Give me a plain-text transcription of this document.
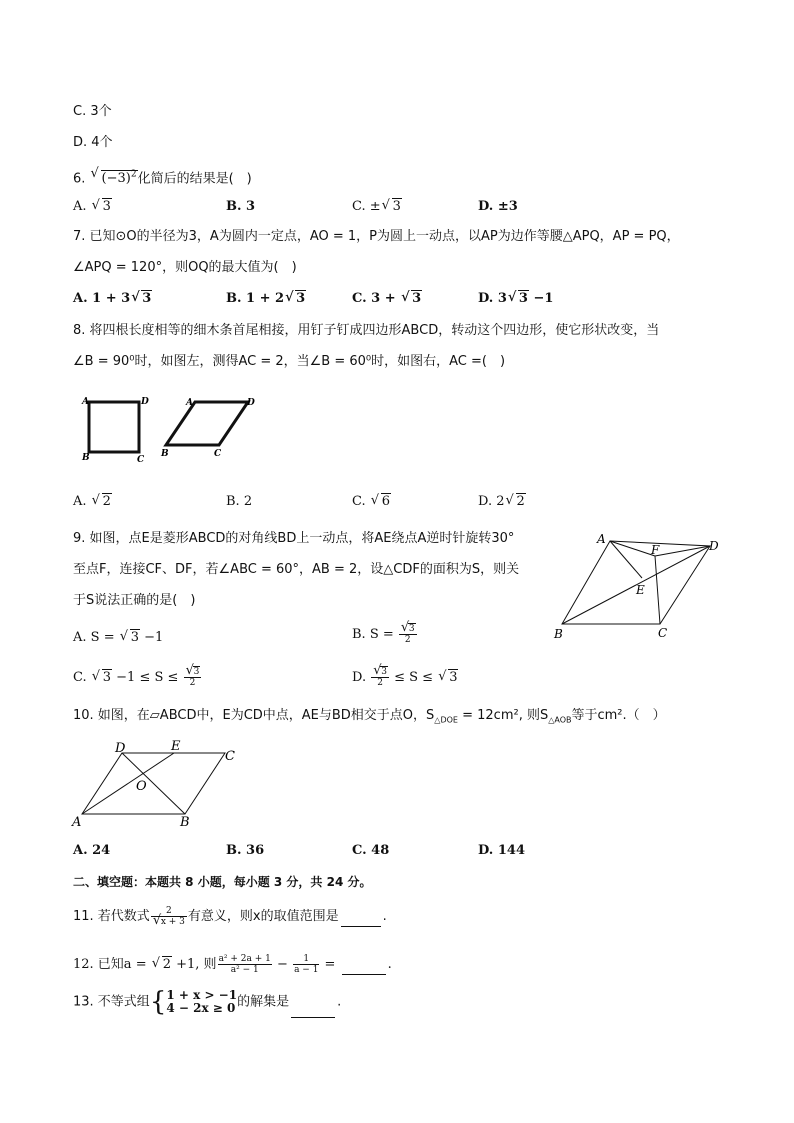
C. 3个
D. 4个
6. √ $(-3)^2$化简后的结果是(　)
A. √ 3	B. 3	C. ± √ 3	D. ±3
7. 已知⊙O的半径为3，A为圆内一定点，AO = 1，P为圆上一动点，以AP为边作等腰△APQ，AP = PQ，
∠APQ = 120°，则OQ的最大值为(　)
A. 1 + 3 √ 3	B. 1 + 2 √ 3	C. 3 + √ 3	D. 3 √ 3 −1
8. 将四根长度相等的细木条首尾相接，用钉子钉成四边形ABCD，转动这个四边形，使它形状改变，当
∠B = 90⁰时，如图左，测得AC = 2，当∠B = 60⁰时，如图右，AC =(　)
A	D
B	C
A	D
B	C
A. √ 2	B. 2	C. √ 6	D. 2 √ 2
9. 如图，点E是菱形ABCD的对角线BD上一动点，将AE绕点A逆时针旋转30°
至点F，连接CF、DF，若∠ABC = 60°，AB = 2，设△CDF的面积为S，则关
于S说法正确的是(　)
A	D
F
E
B	C
A. S = √ 3 −1	B. S = √ $\frac{3}{2}$
C. √ 3 −1 ≤ S ≤ √ $\frac{3}{2}$	D. √ $\frac{3}{2} \le S$ ≤ √ 3
10. 如图，在▱ABCD中，E为CD中点，AE与BD相交于点O，$S_{\triangle DOE} = 12cm^2$, 则$S_{\triangle AOB}$等于cm².（　）
D	E
C
O
A	B
A. 24	B. 36	C. 48	D. 144
二、填空题：本题共 8 小题，每小题 3 分，共 24 分。
11. 若代数式 2
√ x + 3 有意义，则x的取值范围是	.
12. 已知a = √ 2 +1, 则 $\frac{\text{a² + 2a + 1}}{\text{a² − 1}} - \frac{1}{a - 1}$ =	.
13. 不等式组{ 1 + x > −1
4 − 2x ≥ 0 的解集是	.
